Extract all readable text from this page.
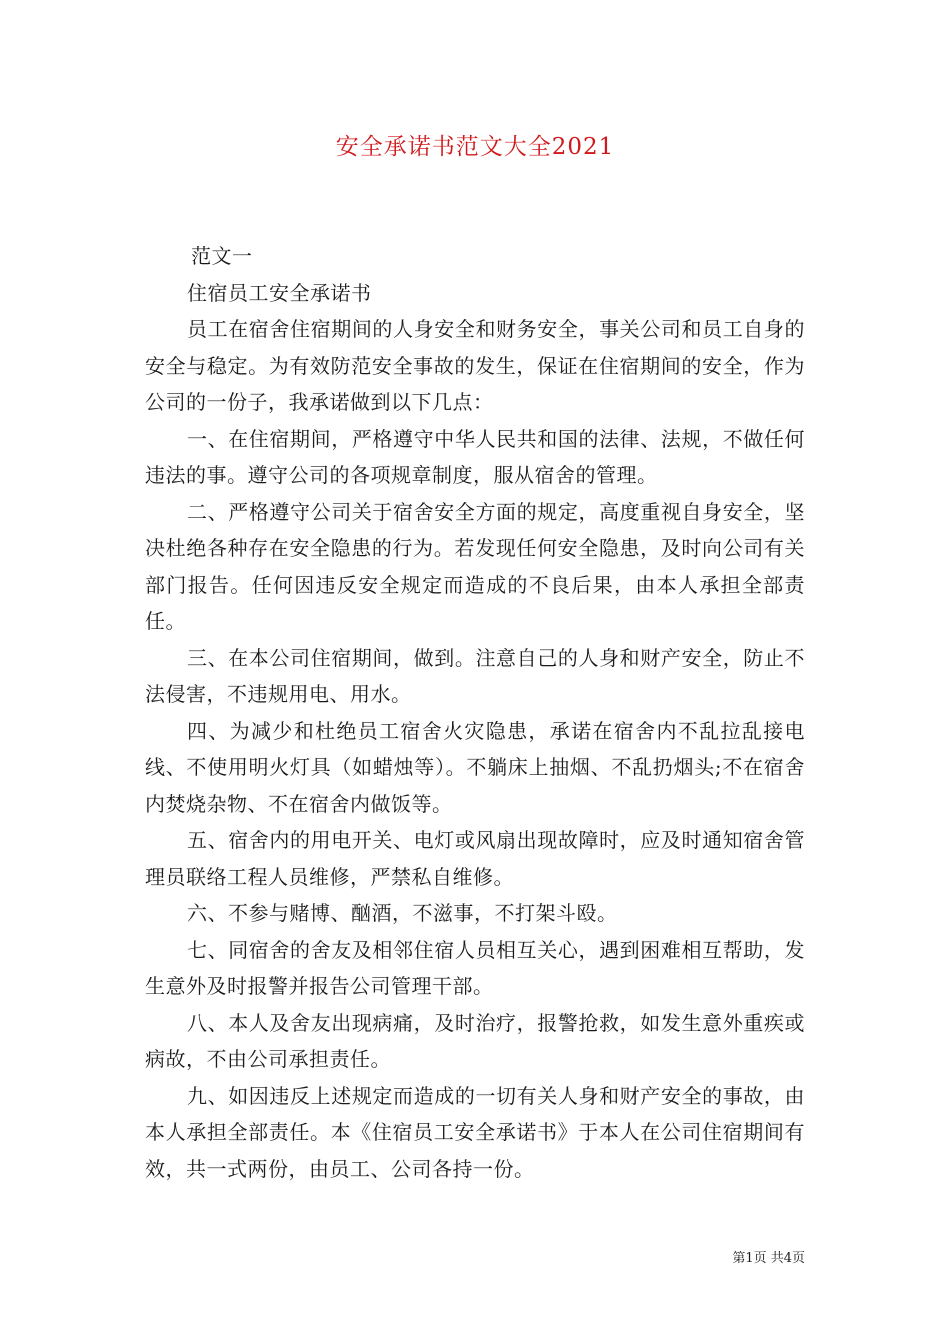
安全承诺书范文大全2021

范文一

住宿员工安全承诺书

员工在宿舍住宿期间的人身安全和财务安全，事关公司和员工自身的安全与稳定。为有效防范安全事故的发生，保证在住宿期间的安全，作为公司的一份子，我承诺做到以下几点：

一、在住宿期间，严格遵守中华人民共和国的法律、法规，不做任何违法的事。遵守公司的各项规章制度，服从宿舍的管理。

二、严格遵守公司关于宿舍安全方面的规定，高度重视自身安全，坚决杜绝各种存在安全隐患的行为。若发现任何安全隐患，及时向公司有关部门报告。任何因违反安全规定而造成的不良后果，由本人承担全部责任。

三、在本公司住宿期间，做到。注意自己的人身和财产安全，防止不法侵害，不违规用电、用水。

四、为减少和杜绝员工宿舍火灾隐患，承诺在宿舍内不乱拉乱接电线、不使用明火灯具（如蜡烛等）。不躺床上抽烟、不乱扔烟头;不在宿舍内焚烧杂物、不在宿舍内做饭等。

五、宿舍内的用电开关、电灯或风扇出现故障时，应及时通知宿舍管理员联络工程人员维修，严禁私自维修。

六、不参与赌博、酗酒，不滋事，不打架斗殴。

七、同宿舍的舍友及相邻住宿人员相互关心，遇到困难相互帮助，发生意外及时报警并报告公司管理干部。

八、本人及舍友出现病痛，及时治疗，报警抢救，如发生意外重疾或病故，不由公司承担责任。

九、如因违反上述规定而造成的一切有关人身和财产安全的事故，由本人承担全部责任。本《住宿员工安全承诺书》于本人在公司住宿期间有效，共一式两份，由员工、公司各持一份。

第1页 共4页
